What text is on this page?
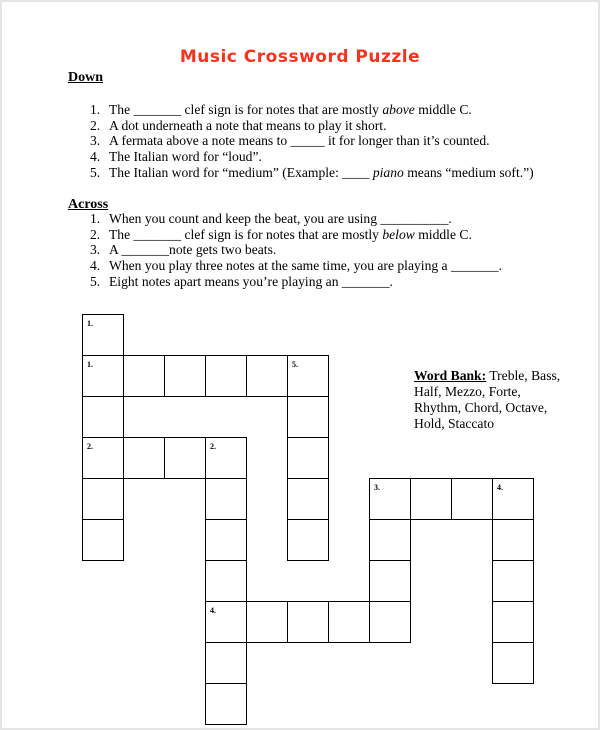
Music Crossword Puzzle
Down
1. The _______ clef sign is for notes that are mostly above middle C.
2. A dot underneath a note that means to play it short.
3. A fermata above a note means to _____ it for longer than it’s counted.
4. The Italian word for “loud”.
5. The Italian word for “medium” (Example: ____ piano means “medium soft.”)
Across
1. When you count and keep the beat, you are using __________.
2. The _______ clef sign is for notes that are mostly below middle C.
3. A _______note gets two beats.
4. When you play three notes at the same time, you are playing a _______.
5. Eight notes apart means you’re playing an _______.
1.
1.	5.
2.	2.
3.	4.
4.
Word Bank: Treble, Bass, Half, Mezzo, Forte, Rhythm, Chord, Octave, Hold, Staccato
